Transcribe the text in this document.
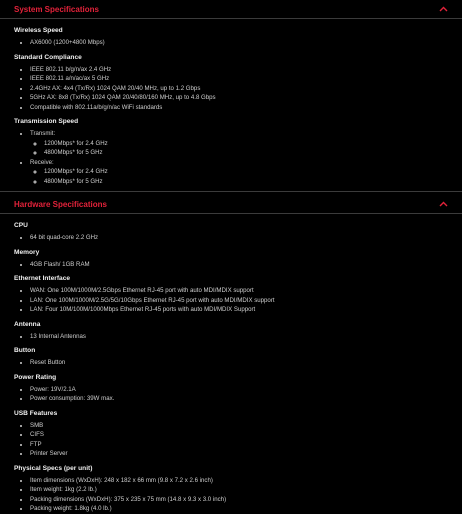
System Specifications
Wireless Speed
• AX6000 (1200+4800 Mbps)
Standard Compliance
• IEEE 802.11 b/g/n/ax 2.4 GHz
• IEEE 802.11 a/n/ac/ax 5 GHz
• 2.4GHz AX: 4x4 (Tx/Rx) 1024 QAM 20/40 MHz, up to 1.2 Gbps
• 5GHz AX: 8x8 (Tx/Rx) 1024 QAM 20/40/80/160 MHz, up to 4.8 Gbps
• Compatible with 802.11a/b/g/n/ac WiFi standards
Transmission Speed
• Transmit:
◦ 1200Mbps* for 2.4 GHz
◦ 4800Mbps* for 5 GHz
• Receive:
◦ 1200Mbps* for 2.4 GHz
◦ 4800Mbps* for 5 GHz
Hardware Specifications
CPU
• 64 bit quad-core 2.2 GHz
Memory
• 4GB Flash/ 1GB RAM
Ethernet Interface
• WAN: One 100M/1000M/2.5Gbps Ethernet RJ-45 port with auto MDI/MDIX support
• LAN: One 100M/1000M/2.5G/5G/10Gbps Ethernet RJ-45 port with auto MDI/MDIX support
• LAN: Four 10M/100M/1000Mbps Ethernet RJ-45 ports with auto MDI/MDIX Support
Antenna
• 13 Internal Antennas
Button
• Reset Button
Power Rating
• Power: 19V/2.1A
• Power consumption: 39W max.
USB Features
• SMB
• CIFS
• FTP
• Printer Server
Physical Specs (per unit)
• Item dimensions (WxDxH): 248 x 182 x 66 mm (9.8 x 7.2 x 2.6 inch)
• Item weight: 1kg (2.2 lb.)
• Packing dimensions (WxDxH): 375 x 235 x 75 mm (14.8 x 9.3 x 3.0 inch)
• Packing weight: 1.8kg (4.0 lb.)
